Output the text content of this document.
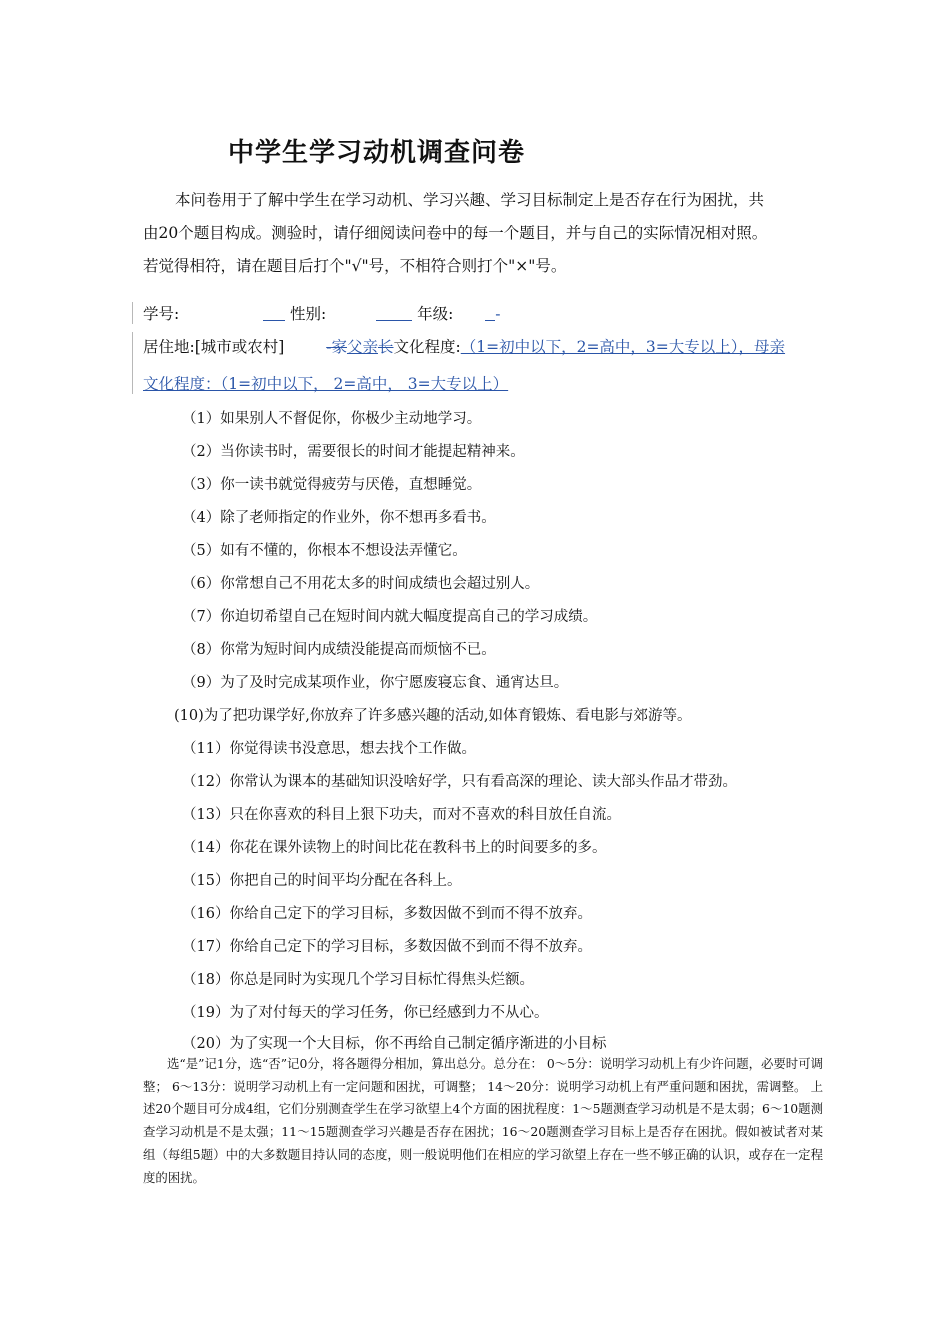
中学生学习动机调查问卷
本问卷用于了解中学生在学习动机、学习兴趣、学习目标制定上是否存在行为困扰，共
由20个题目构成。测验时，请仔细阅读问卷中的每一个题目，并与自己的实际情况相对照。
若觉得相符，请在题目后打个"√"号，不相符合则打个"×"号。
学号:	性别:	年级:	-
居住地:[城市或农村]	-家父亲长文化程度:（1=初中以下，2=高中，3=大专以上），母亲
文化程度：（1=初中以下， 2=高中， 3=大专以上）
（1）如果别人不督促你，你极少主动地学习。
（2）当你读书时，需要很长的时间才能提起精神来。
（3）你一读书就觉得疲劳与厌倦，直想睡觉。
（4）除了老师指定的作业外，你不想再多看书。
（5）如有不懂的，你根本不想设法弄懂它。
（6）你常想自己不用花太多的时间成绩也会超过别人。
（7）你迫切希望自己在短时间内就大幅度提高自己的学习成绩。
（8）你常为短时间内成绩没能提高而烦恼不已。
（9）为了及时完成某项作业，你宁愿废寝忘食、通宵达旦。
(10)为了把功课学好,你放弃了许多感兴趣的活动,如体育锻炼、看电影与郊游等。
（11）你觉得读书没意思，想去找个工作做。
（12）你常认为课本的基础知识没啥好学，只有看高深的理论、读大部头作品才带劲。
（13）只在你喜欢的科目上狠下功夫，而对不喜欢的科目放任自流。
（14）你花在课外读物上的时间比花在教科书上的时间要多的多。
（15）你把自己的时间平均分配在各科上。
（16）你给自己定下的学习目标，多数因做不到而不得不放弃。
（17）你给自己定下的学习目标，多数因做不到而不得不放弃。
（18）你总是同时为实现几个学习目标忙得焦头烂额。
（19）为了对付每天的学习任务，你已经感到力不从心。
（20）为了实现一个大目标，你不再给自己制定循序渐进的小目标

选“是”记1分，选“否”记0分，将各题得分相加，算出总分。总分在： 0～5分：说明学习动机上有少许问题，必要时可调整； 6～13分：说明学习动机上有一定问题和困扰，可调整； 14～20分：说明学习动机上有严重问题和困扰，需调整。 上述20个题目可分成4组，它们分别测查学生在学习欲望上4个方面的困扰程度：1～5题测查学习动机是不是太弱；6～10题测查学习动机是不是太强；11～15题测查学习兴趣是否存在困扰；16～20题测查学习目标上是否存在困扰。假如被试者对某组（每组5题）中的大多数题目持认同的态度，则一般说明他们在相应的学习欲望上存在一些不够正确的认识，或存在一定程度的困扰。
